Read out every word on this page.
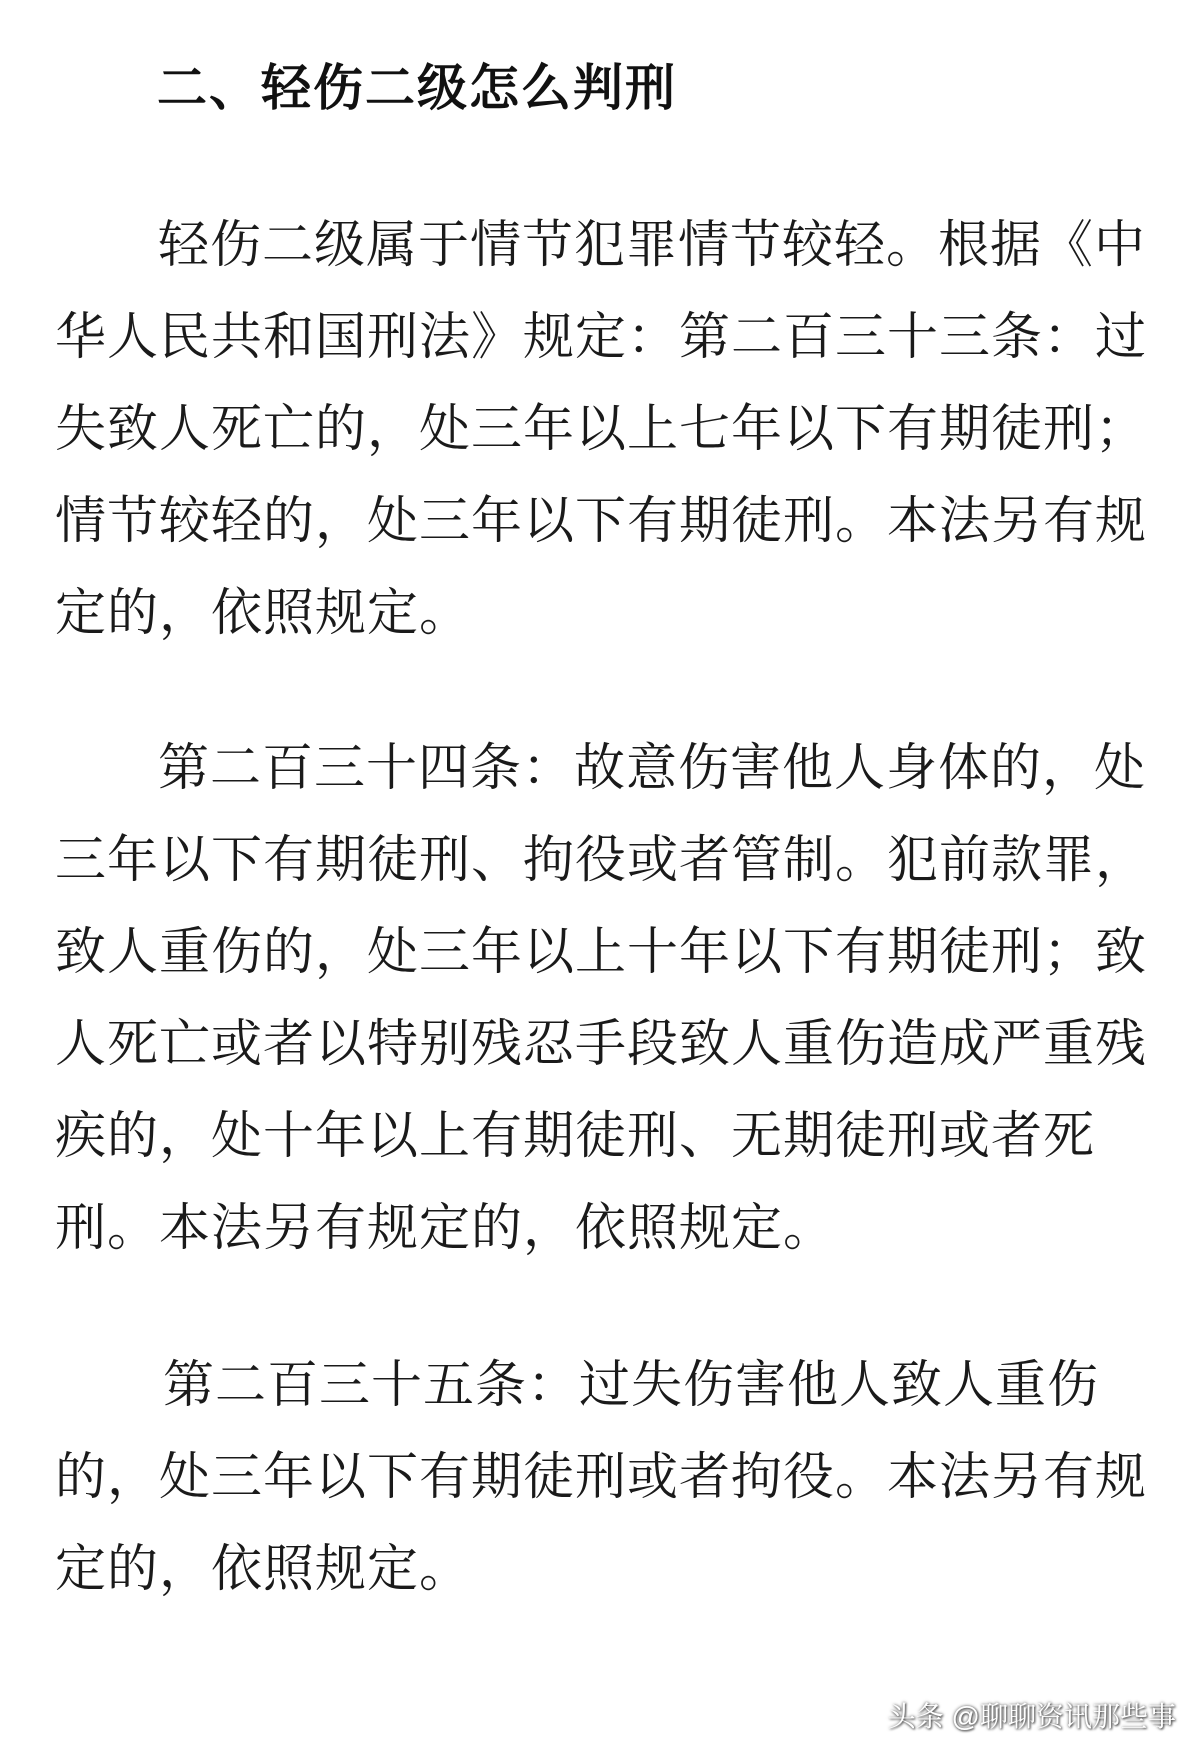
二、轻伤二级怎么判刑

轻伤二级属于情节犯罪情节较轻。根据《中
华人民共和国刑法》规定：第二百三十三条：过
失致人死亡的，处三年以上七年以下有期徒刑；
情节较轻的，处三年以下有期徒刑。本法另有规
定的，依照规定。

第二百三十四条：故意伤害他人身体的，处
三年以下有期徒刑、拘役或者管制。犯前款罪，
致人重伤的，处三年以上十年以下有期徒刑；致
人死亡或者以特别残忍手段致人重伤造成严重残
疾的，处十年以上有期徒刑、无期徒刑或者死
刑。本法另有规定的，依照规定。

第二百三十五条：过失伤害他人致人重伤
的，处三年以下有期徒刑或者拘役。本法另有规
定的，依照规定。

头条 @聊聊资讯那些事
